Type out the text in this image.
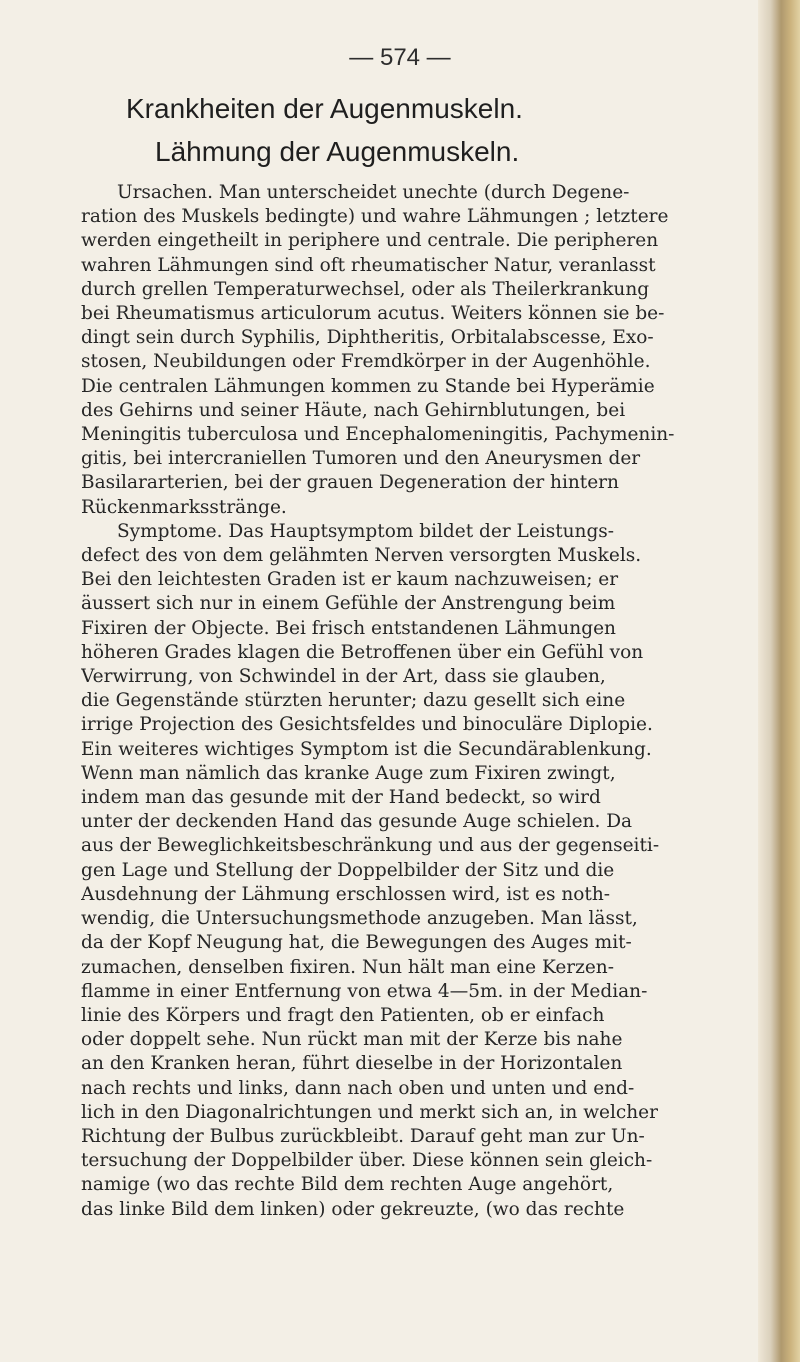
— 574 —
Krankheiten der Augenmuskeln.
Lähmung der Augenmuskeln.
Ursachen. Man unterscheidet unechte (durch Degene-
ration des Muskels bedingte) und wahre Lähmungen ; letztere
werden eingetheilt in periphere und centrale. Die peripheren
wahren Lähmungen sind oft rheumatischer Natur, veranlasst
durch grellen Temperaturwechsel, oder als Theilerkrankung
bei Rheumatismus articulorum acutus. Weiters können sie be-
dingt sein durch Syphilis, Diphtheritis, Orbitalabscesse, Exo-
stosen, Neubildungen oder Fremdkörper in der Augenhöhle.
Die centralen Lähmungen kommen zu Stande bei Hyperämie
des Gehirns und seiner Häute, nach Gehirnblutungen, bei
Meningitis tuberculosa und Encephalomeningitis, Pachymenin-
gitis, bei intercraniellen Tumoren und den Aneurysmen der
Basilararterien, bei der grauen Degeneration der hintern
Rückenmarksstränge.
Symptome. Das Hauptsymptom bildet der Leistungs-
defect des von dem gelähmten Nerven versorgten Muskels.
Bei den leichtesten Graden ist er kaum nachzuweisen; er
äussert sich nur in einem Gefühle der Anstrengung beim
Fixiren der Objecte. Bei frisch entstandenen Lähmungen
höheren Grades klagen die Betroffenen über ein Gefühl von
Verwirrung, von Schwindel in der Art, dass sie glauben,
die Gegenstände stürzten herunter; dazu gesellt sich eine
irrige Projection des Gesichtsfeldes und binoculäre Diplopie.
Ein weiteres wichtiges Symptom ist die Secundärablenkung.
Wenn man nämlich das kranke Auge zum Fixiren zwingt,
indem man das gesunde mit der Hand bedeckt, so wird
unter der deckenden Hand das gesunde Auge schielen. Da
aus der Beweglichkeitsbeschränkung und aus der gegenseiti-
gen Lage und Stellung der Doppelbilder der Sitz und die
Ausdehnung der Lähmung erschlossen wird, ist es noth-
wendig, die Untersuchungsmethode anzugeben. Man lässt,
da der Kopf Neugung hat, die Bewegungen des Auges mit-
zumachen, denselben fixiren. Nun hält man eine Kerzen-
flamme in einer Entfernung von etwa 4—5m. in der Median-
linie des Körpers und fragt den Patienten, ob er einfach
oder doppelt sehe. Nun rückt man mit der Kerze bis nahe
an den Kranken heran, führt dieselbe in der Horizontalen
nach rechts und links, dann nach oben und unten und end-
lich in den Diagonalrichtungen und merkt sich an, in welcher
Richtung der Bulbus zurückbleibt. Darauf geht man zur Un-
tersuchung der Doppelbilder über. Diese können sein gleich-
namige (wo das rechte Bild dem rechten Auge angehört,
das linke Bild dem linken) oder gekreuzte, (wo das rechte
